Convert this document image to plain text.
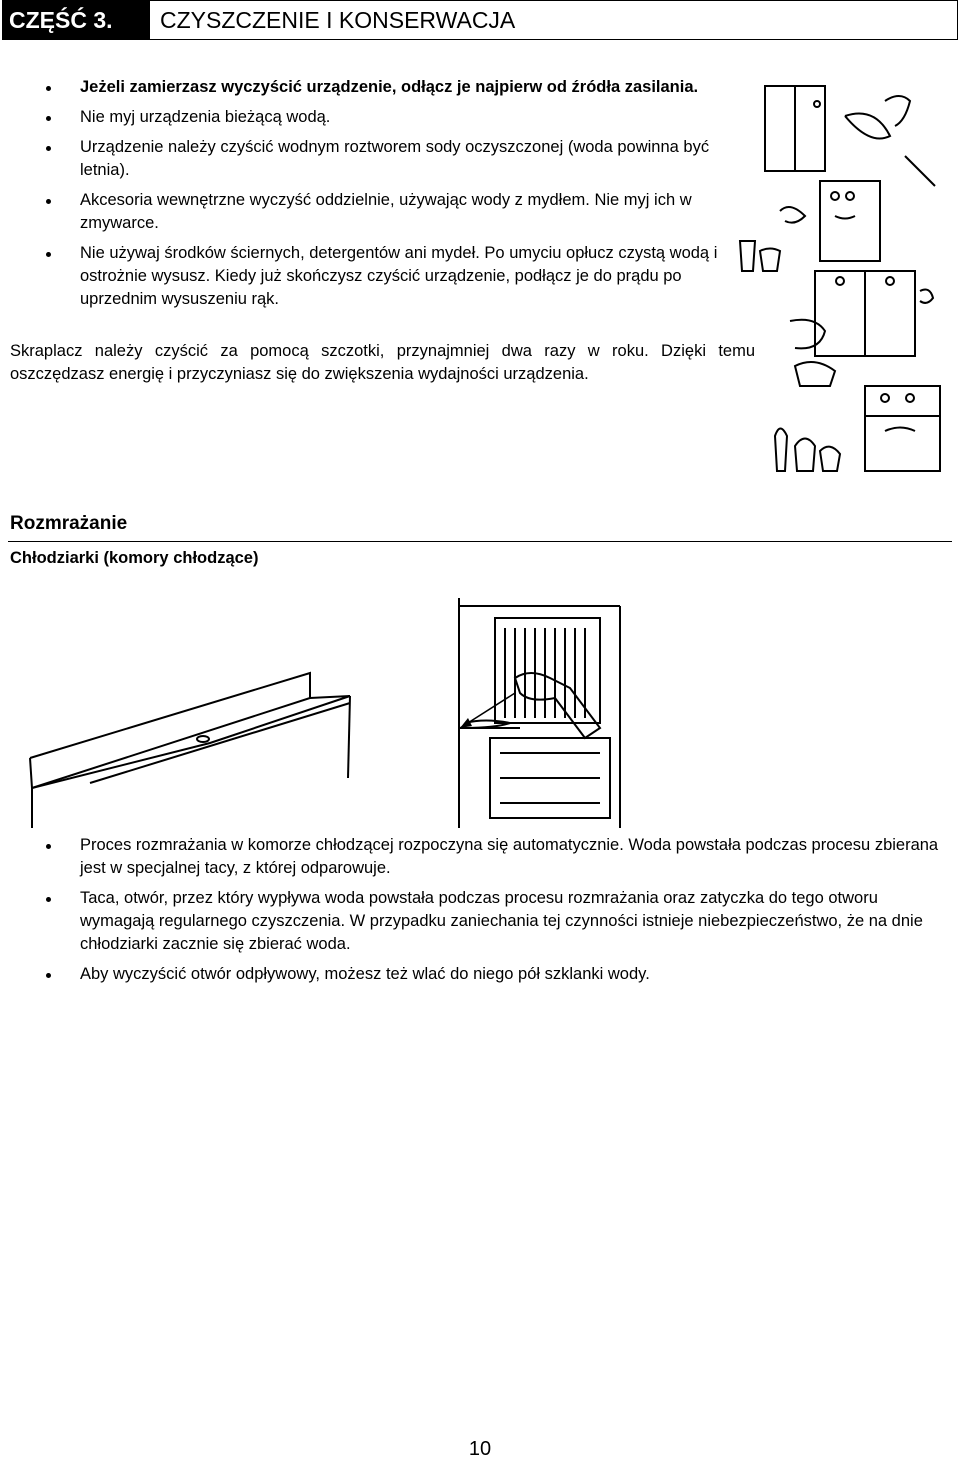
CZĘŚĆ 3.	CZYSZCZENIE I KONSERWACJA
Jeżeli zamierzasz wyczyścić urządzenie, odłącz je najpierw od źródła zasilania.
Nie myj urządzenia bieżącą wodą.
Urządzenie należy czyścić wodnym roztworem sody oczyszczonej (woda powinna być letnia).
Akcesoria wewnętrzne wyczyść oddzielnie, używając wody z mydłem. Nie myj ich w zmywarce.
Nie używaj środków ściernych, detergentów ani mydeł. Po umyciu opłucz czystą wodą i ostrożnie wysusz. Kiedy już skończysz czyścić urządzenie, podłącz je do prądu po uprzednim wysuszeniu rąk.

Skraplacz należy czyścić za pomocą szczotki, przynajmniej dwa razy w roku. Dzięki temu oszczędzasz energię i przyczyniasz się do zwiększenia wydajności urządzenia.

Rozmrażanie
Chłodziarki (komory chłodzące)
Proces rozmrażania w komorze chłodzącej rozpoczyna się automatycznie. Woda powstała podczas procesu zbierana jest w specjalnej tacy, z której odparowuje.
Taca, otwór, przez który wypływa woda powstała podczas procesu rozmrażania oraz zatyczka do tego otworu wymagają regularnego czyszczenia. W przypadku zaniechania tej czynności istnieje niebezpieczeństwo, że na dnie chłodziarki zacznie się zbierać woda.
Aby wyczyścić otwór odpływowy, możesz też wlać do niego pół szklanki wody.
10
